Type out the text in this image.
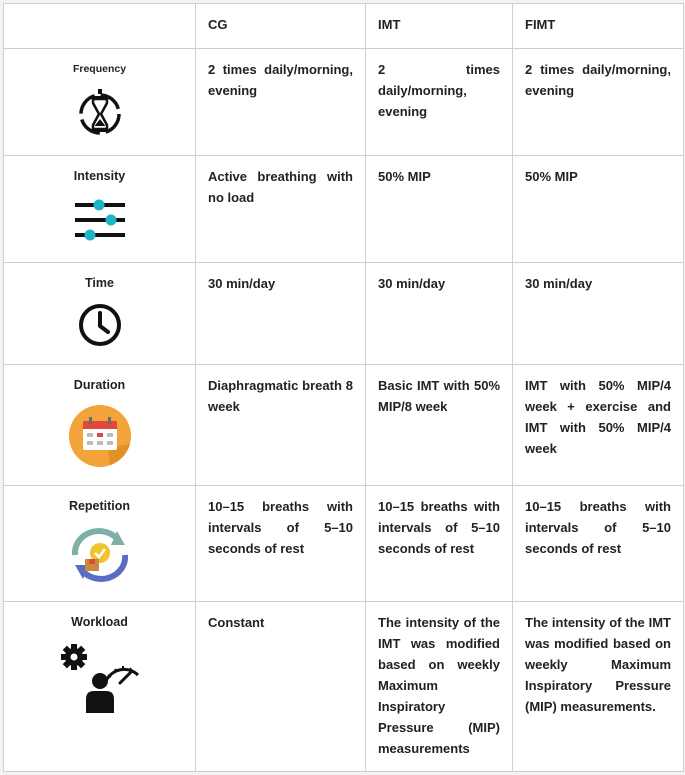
	CG	IMT	FIMT

Frequency	2 times daily/morning, evening	2 times daily/morning, evening	2 times daily/morning, evening

Intensity	Active breathing with no load	50% MIP	50% MIP

Time	30 min/day	30 min/day	30 min/day

Duration	Diaphragmatic breath 8 week	Basic IMT with 50% MIP/8 week	IMT with 50% MIP/4 week + exercise and IMT with 50% MIP/4 week

Repetition	10–15 breaths with intervals of 5–10 seconds of rest	10–15 breaths with intervals of 5–10 seconds of rest	10–15 breaths with intervals of 5–10 seconds of rest

Workload	Constant	The intensity of the IMT was modified based on weekly Maximum Inspiratory Pressure (MIP) measurements	The intensity of the IMT was modified based on weekly Maximum Inspiratory Pressure (MIP) measurements.
